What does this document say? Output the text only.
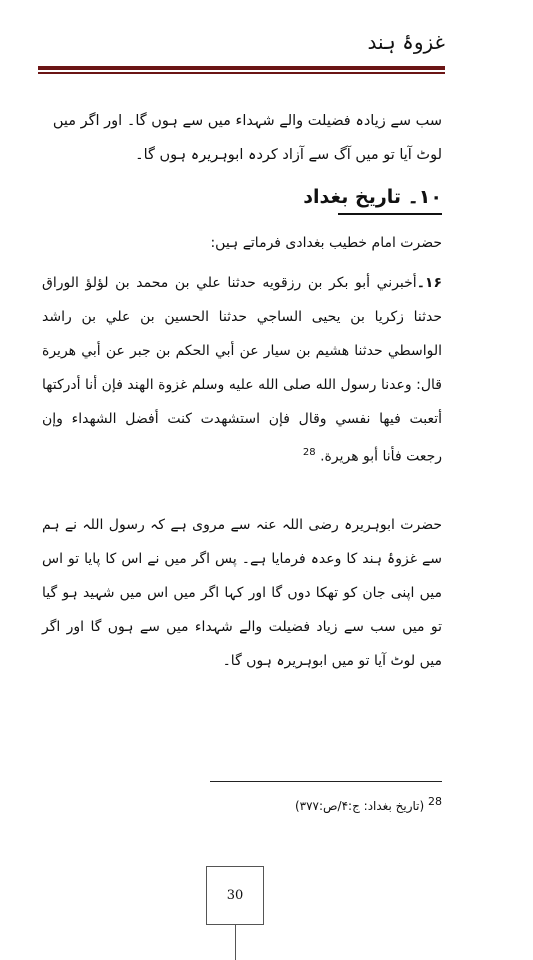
غزوۂ ہند
سب سے زیادہ فضیلت والے شہداء میں سے ہوں گا۔ اور اگر میں لوٹ آیا تو میں آگ سے آزاد کردہ ابوہریرہ ہوں گا۔
۱۰۔ تاریخ بغداد
حضرت امام خطیب بغدادی فرماتے ہیں:
۱۶۔أخبرني أبو بكر بن رزقويه حدثنا علي بن محمد بن لؤلؤ الوراق حدثنا زكريا بن يحيى الساجي حدثنا الحسين بن علي بن راشد الواسطي حدثنا هشيم بن سيار عن أبي الحكم بن جبر عن أبي هريرة قال: وعدنا رسول الله صلى الله عليه وسلم غزوة الهند فإن أنا أدركتها أتعبت فيها نفسي وقال فإن استشهدت كنت أفضل الشهداء وإن رجعت فأنا أبو هريرة. $^{28}$
حضرت ابوہریرہ رضی اللہ عنہ سے مروی ہے کہ رسول اللہ نے ہم سے غزوۂ ہند کا وعدہ فرمایا ہے۔ پس اگر میں نے اس کا پایا تو اس میں اپنی جان کو تھکا دوں گا اور کہا اگر میں اس میں شہید ہو گیا تو میں سب سے زیاد فضیلت والے شہداء میں سے ہوں گا اور اگر میں لوٹ آیا تو میں ابوہریرہ ہوں گا۔
28 (تاریخ بغداد: ج:۴/ص:۳۷۷)
30
